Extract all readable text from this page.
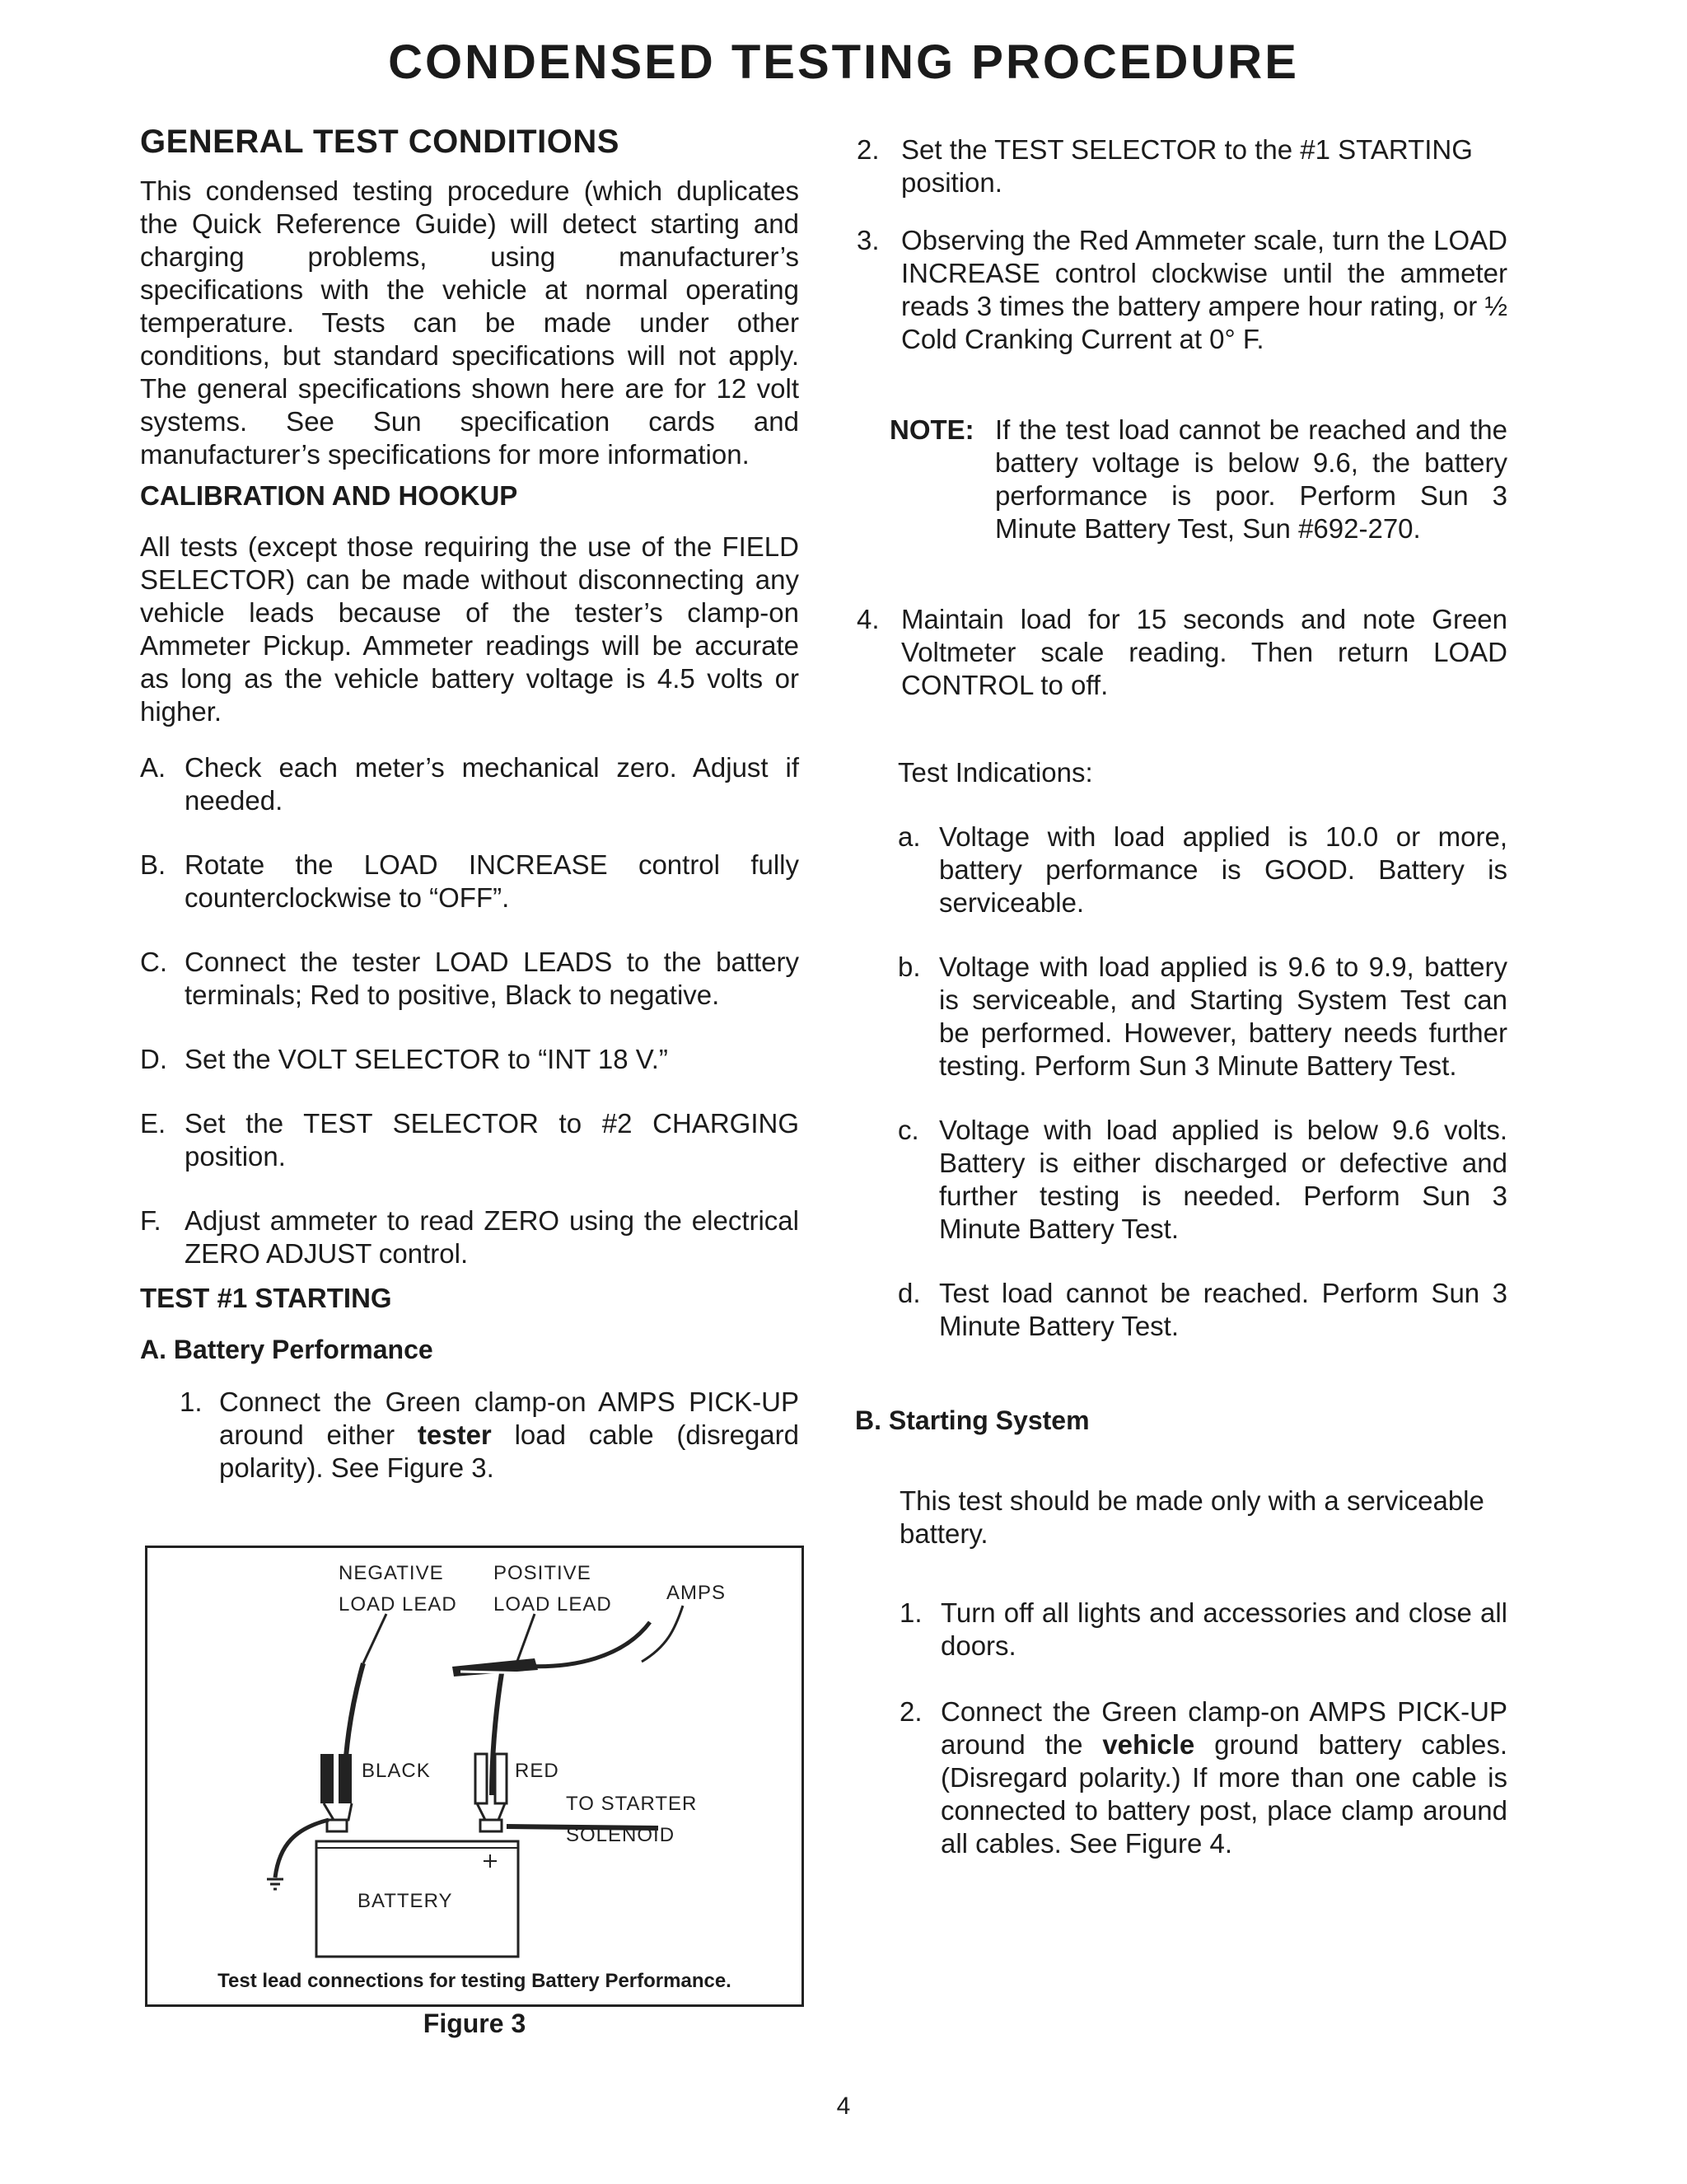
CONDENSED TESTING PROCEDURE
GENERAL TEST CONDITIONS

This condensed testing procedure (which duplicates the Quick Reference Guide) will detect starting and charging problems, using manufacturer’s specifications with the vehicle at normal operating temperature. Tests can be made under other conditions, but standard specifications will not apply. The general specifications shown here are for 12 volt systems. See Sun specification cards and manufacturer’s specifications for more information.

CALIBRATION AND HOOKUP

All tests (except those requiring the use of the FIELD SELECTOR) can be made without disconnecting any vehicle leads because of the tester’s clamp-on Ammeter Pickup. Ammeter readings will be accurate as long as the vehicle battery voltage is 4.5 volts or higher.

A. Check each meter’s mechanical zero. Adjust if needed.
B. Rotate the LOAD INCREASE control fully counterclockwise to “OFF”.
C. Connect the tester LOAD LEADS to the battery terminals; Red to positive, Black to negative.
D. Set the VOLT SELECTOR to “INT 18 V.”
E. Set the TEST SELECTOR to #2 CHARGING position.
F. Adjust ammeter to read ZERO using the electrical ZERO ADJUST control.
TEST #1 STARTING
A. Battery Performance
1. Connect the Green clamp-on AMPS PICK-UP around either tester load cable (disregard polarity). See Figure 3.
NEGATIVE
LOAD LEAD
POSITIVE
LOAD LEAD
AMPS
BLACK	RED
TO STARTER
SOLENOID
BATTERY
Test lead connections for testing Battery Performance.
Figure 3
2. Set the TEST SELECTOR to the #1 STARTING position.
3. Observing the Red Ammeter scale, turn the LOAD INCREASE control clockwise until the ammeter reads 3 times the battery ampere hour rating, or ½ Cold Cranking Current at 0° F.
NOTE: If the test load cannot be reached and the battery voltage is below 9.6, the battery performance is poor. Perform Sun 3 Minute Battery Test, Sun #692-270.
4. Maintain load for 15 seconds and note Green Voltmeter scale reading. Then return LOAD CONTROL to off.

Test Indications:

a. Voltage with load applied is 10.0 or more, battery performance is GOOD. Battery is serviceable.
b. Voltage with load applied is 9.6 to 9.9, battery is serviceable, and Starting System Test can be performed. However, battery needs further testing. Perform Sun 3 Minute Battery Test.
c. Voltage with load applied is below 9.6 volts. Battery is either discharged or defective and further testing is needed. Perform Sun 3 Minute Battery Test.
d. Test load cannot be reached. Perform Sun 3 Minute Battery Test.
B. Starting System

This test should be made only with a serviceable battery.

1. Turn off all lights and accessories and close all doors.
2. Connect the Green clamp-on AMPS PICK-UP around the vehicle ground battery cables. (Disregard polarity.) If more than one cable is connected to battery post, place clamp around all cables. See Figure 4.
4
